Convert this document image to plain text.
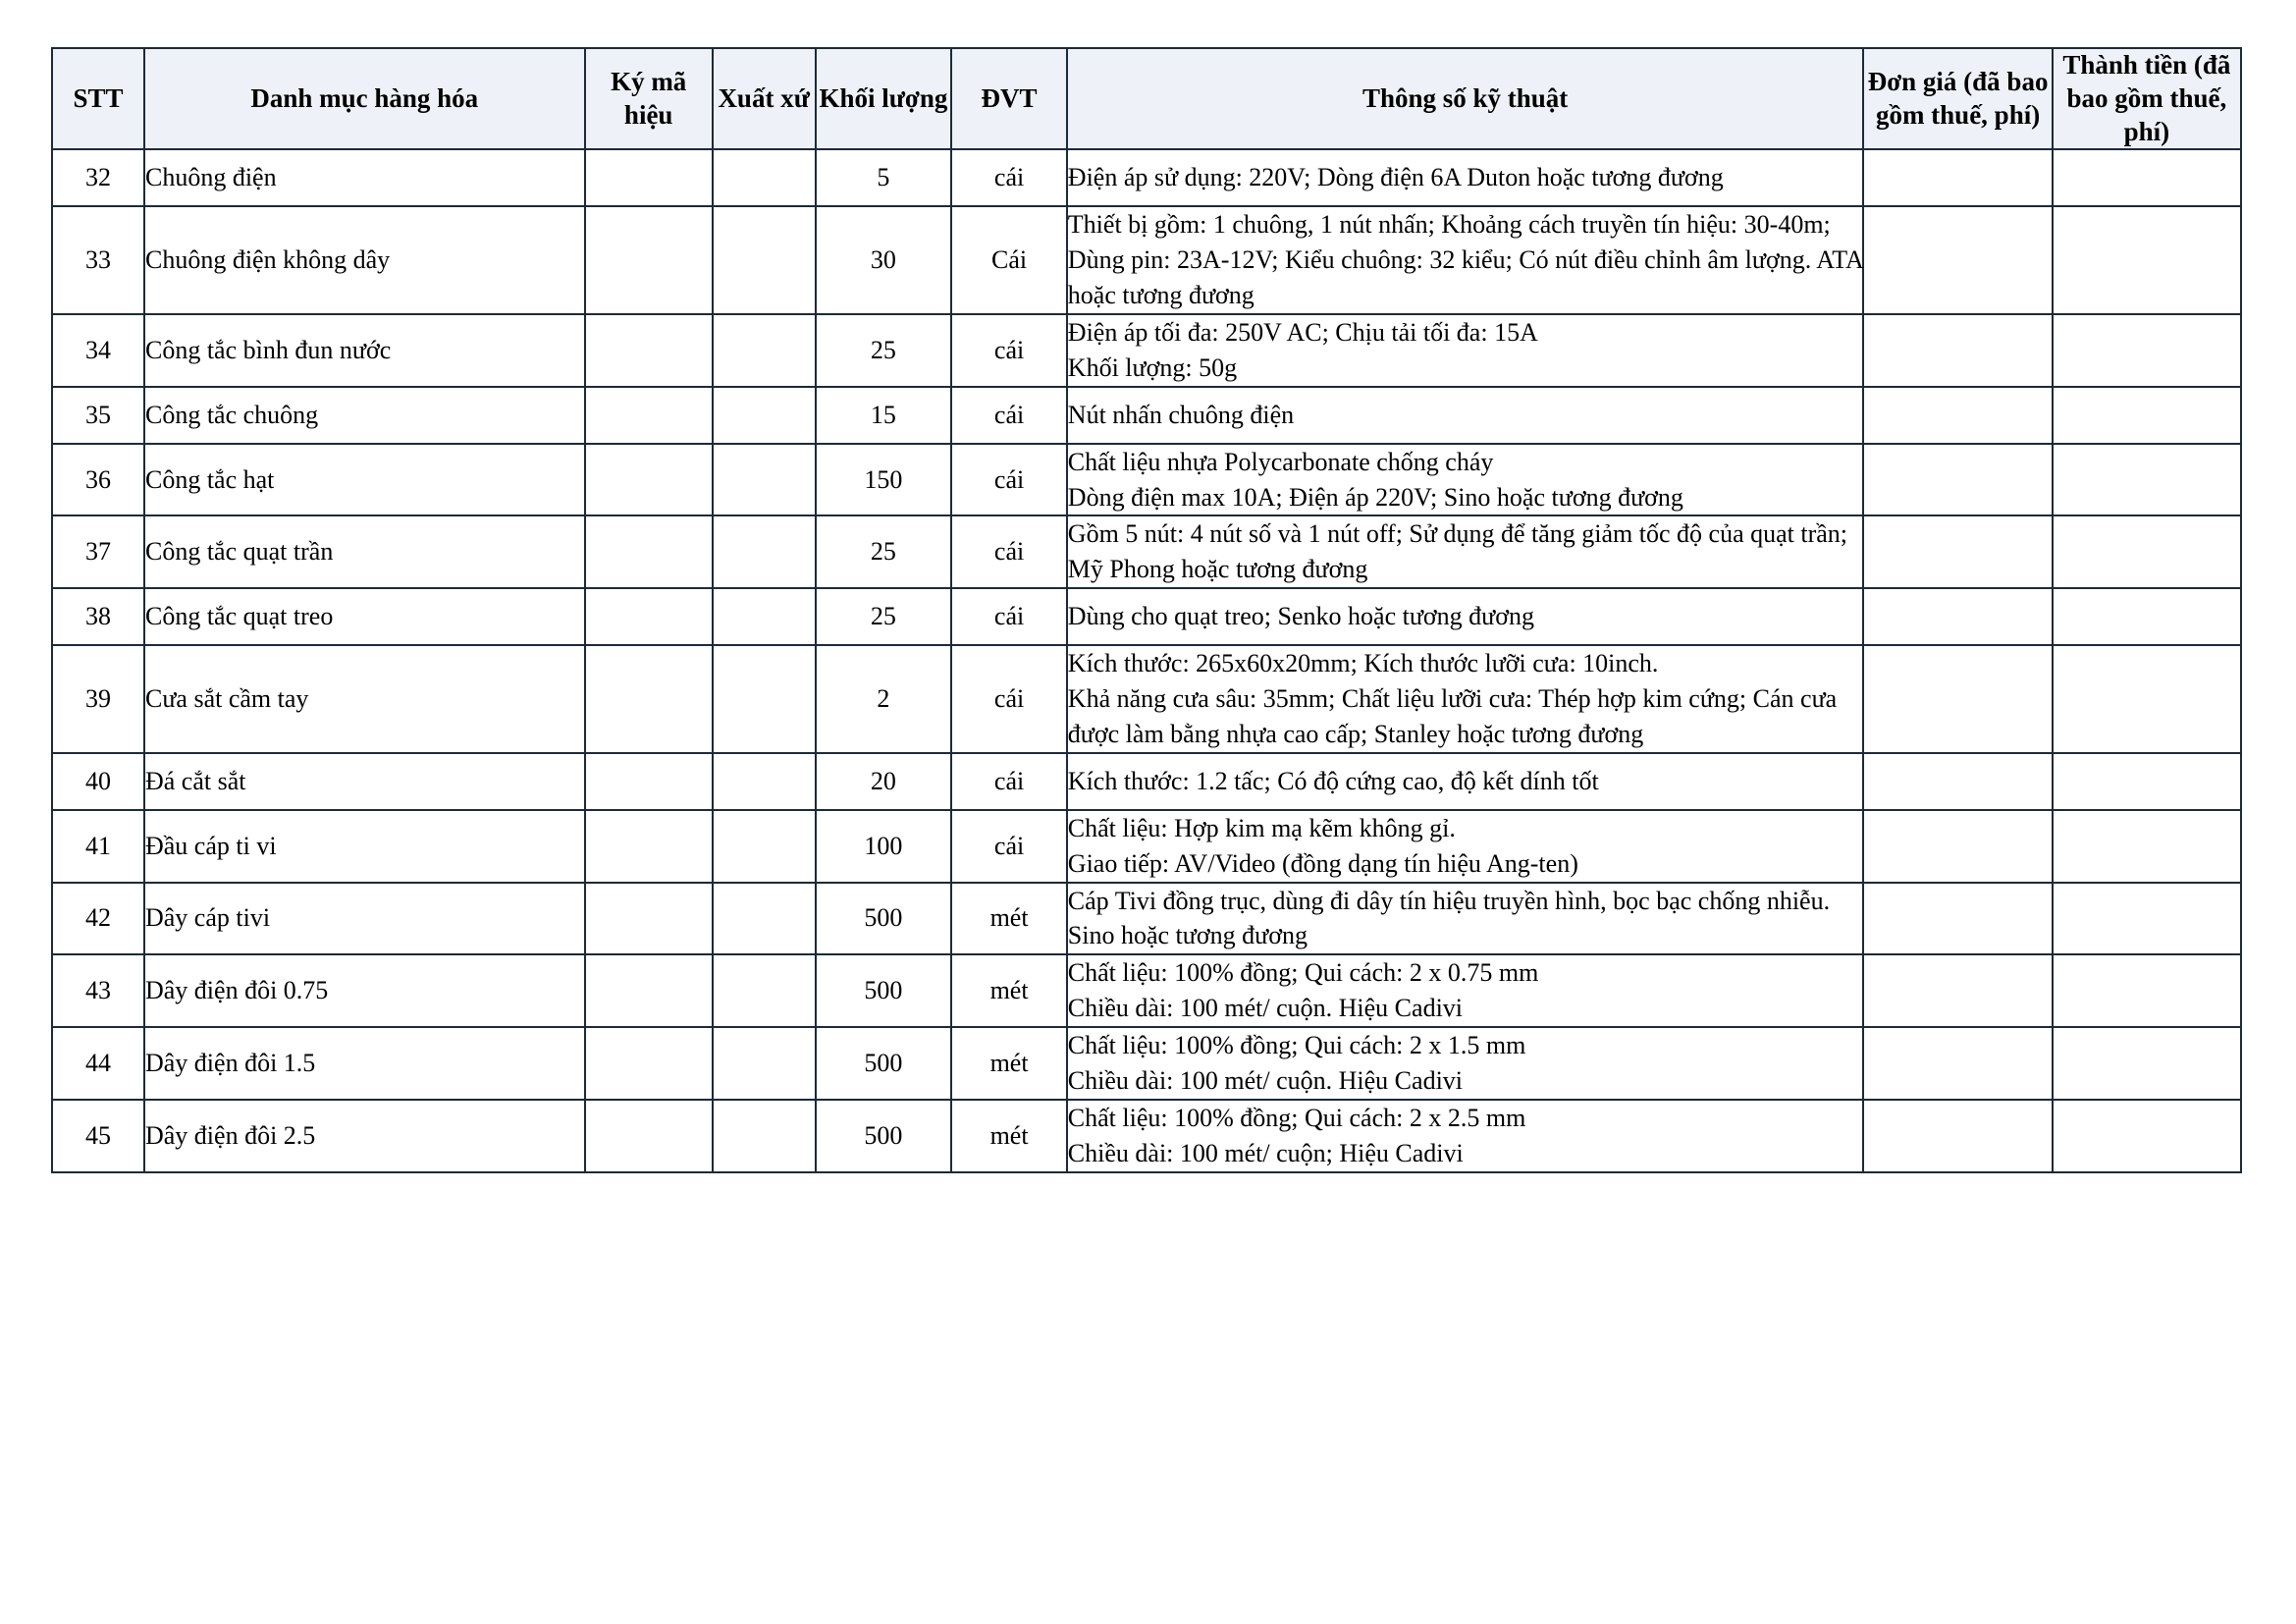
STT	Danh mục hàng hóa	Ký mã hiệu	Xuất xứ	Khối lượng	ĐVT	Thông số kỹ thuật	Đơn giá (đã bao gồm thuế, phí)	Thành tiền (đã bao gồm thuế, phí)
32	Chuông điện			5	cái	Điện áp sử dụng: 220V; Dòng điện 6A Duton hoặc tương đương		

33	Chuông điện không dây			30	Cái	Thiết bị gồm: 1 chuông, 1 nút nhấn; Khoảng cách truyền tín hiệu: 30-40m; Dùng pin: 23A-12V; Kiểu chuông: 32 kiểu; Có nút điều chỉnh âm lượng. ATA hoặc tương đương		

34	Công tắc bình đun nước			25	cái	Điện áp tối đa: 250V AC; Chịu tải tối đa: 15A
Khối lượng: 50g		

35	Công tắc chuông			15	cái	Nút nhấn chuông điện		

36	Công tắc hạt			150	cái	Chất liệu nhựa Polycarbonate chống cháy
Dòng điện max 10A; Điện áp 220V; Sino hoặc tương đương		

37	Công tắc quạt trần			25	cái	Gồm 5 nút: 4 nút số và 1 nút off; Sử dụng để tăng giảm tốc độ của quạt trần; Mỹ Phong hoặc tương đương		

38	Công tắc quạt treo			25	cái	Dùng cho quạt treo; Senko hoặc tương đương		

39	Cưa sắt cầm tay			2	cái	Kích thước: 265x60x20mm; Kích thước lưỡi cưa: 10inch.
Khả năng cưa sâu: 35mm; Chất liệu lưỡi cưa: Thép hợp kim cứng; Cán cưa được làm bằng nhựa cao cấp; Stanley hoặc tương đương		

40	Đá cắt sắt			20	cái	Kích thước: 1.2 tấc; Có độ cứng cao, độ kết dính tốt		

41	Đầu cáp ti vi			100	cái	Chất liệu: Hợp kim mạ kẽm không gỉ.
Giao tiếp: AV/Video (đồng dạng tín hiệu Ang-ten)		

42	Dây cáp tivi			500	mét	Cáp Tivi đồng trục, dùng đi dây tín hiệu truyền hình, bọc bạc chống nhiễu. Sino hoặc tương đương		

43	Dây điện đôi 0.75			500	mét	Chất liệu: 100% đồng; Qui cách: 2 x 0.75 mm
Chiều dài: 100 mét/ cuộn. Hiệu Cadivi		

44	Dây điện đôi 1.5			500	mét	Chất liệu: 100% đồng; Qui cách: 2 x 1.5 mm
Chiều dài: 100 mét/ cuộn. Hiệu Cadivi		

45	Dây điện đôi 2.5			500	mét	Chất liệu: 100% đồng; Qui cách: 2 x 2.5 mm
Chiều dài: 100 mét/ cuộn; Hiệu Cadivi		
